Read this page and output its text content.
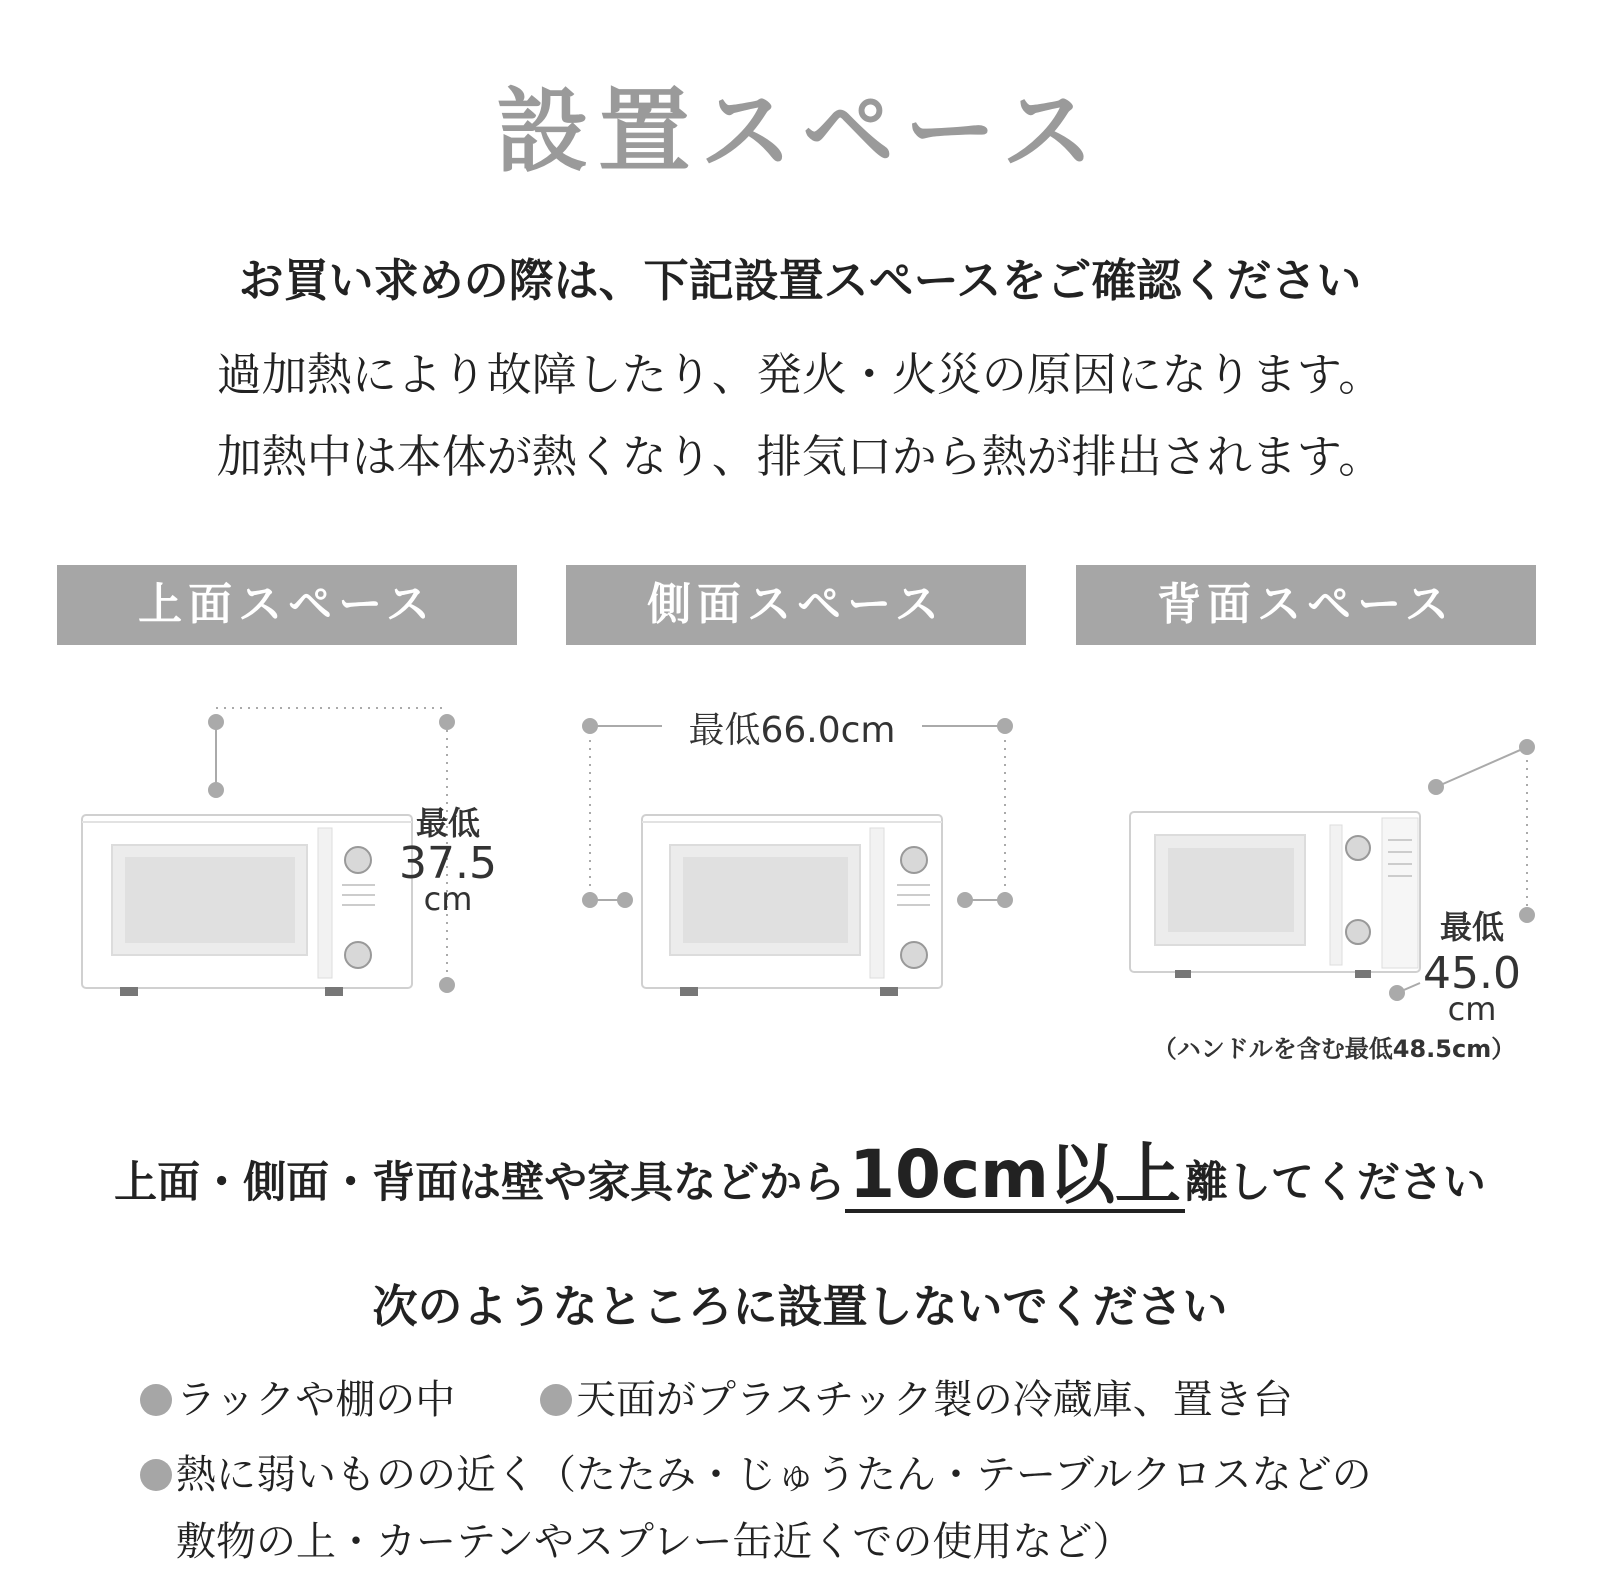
設置スペース
お買い求めの際は、下記設置スペースをご確認ください
過加熱により故障したり、発火・火災の原因になります。
加熱中は本体が熱くなり、排気口から熱が排出されます。
上面スペース	側面スペース	背面スペース
最低
37.5
cm
最低66.0cm
最低
45.0
cm
（ハンドルを含む最低48.5cm）
上面・側面・背面は壁や家具などから10cm以上離してください
次のようなところに設置しないでください
ラックや棚の中	天面がプラスチック製の冷蔵庫、置き台
熱に弱いものの近く（たたみ・じゅうたん・テーブルクロスなどの
敷物の上・カーテンやスプレー缶近くでの使用など）
